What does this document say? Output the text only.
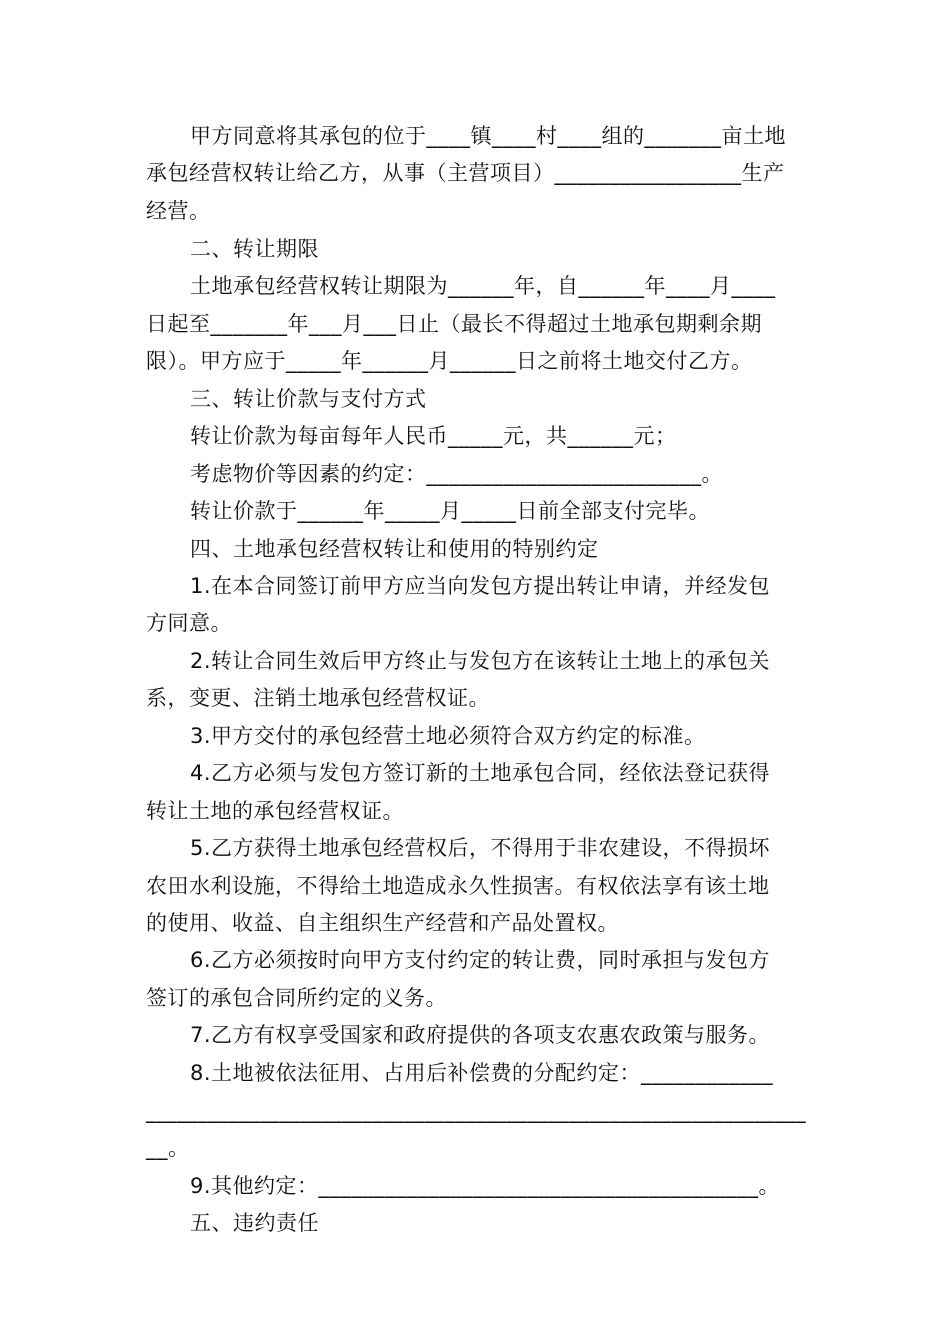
甲方同意将其承包的位于____镇____村____组的_______亩土地
承包经营权转让给乙方，从事（主营项目）_________________生产
经营。
二、转让期限
土地承包经营权转让期限为______年，自______年____月____
日起至_______年___月___日止（最长不得超过土地承包期剩余期
限）。甲方应于_____年______月______日之前将土地交付乙方。
三、转让价款与支付方式
转让价款为每亩每年人民币_____元，共______元；
考虑物价等因素的约定：_________________________。
转让价款于______年_____月_____日前全部支付完毕。
四、土地承包经营权转让和使用的特别约定
1.在本合同签订前甲方应当向发包方提出转让申请，并经发包
方同意。
2.转让合同生效后甲方终止与发包方在该转让土地上的承包关
系，变更、注销土地承包经营权证。
3.甲方交付的承包经营土地必须符合双方约定的标准。
4.乙方必须与发包方签订新的土地承包合同，经依法登记获得
转让土地的承包经营权证。
5.乙方获得土地承包经营权后，不得用于非农建设，不得损坏
农田水利设施，不得给土地造成永久性损害。有权依法享有该土地
的使用、收益、自主组织生产经营和产品处置权。
6.乙方必须按时向甲方支付约定的转让费，同时承担与发包方
签订的承包合同所约定的义务。
7.乙方有权享受国家和政府提供的各项支农惠农政策与服务。
8.土地被依法征用、占用后补偿费的分配约定：____________
________________________________________________________________
__。
9.其他约定：________________________________________。
五、违约责任
